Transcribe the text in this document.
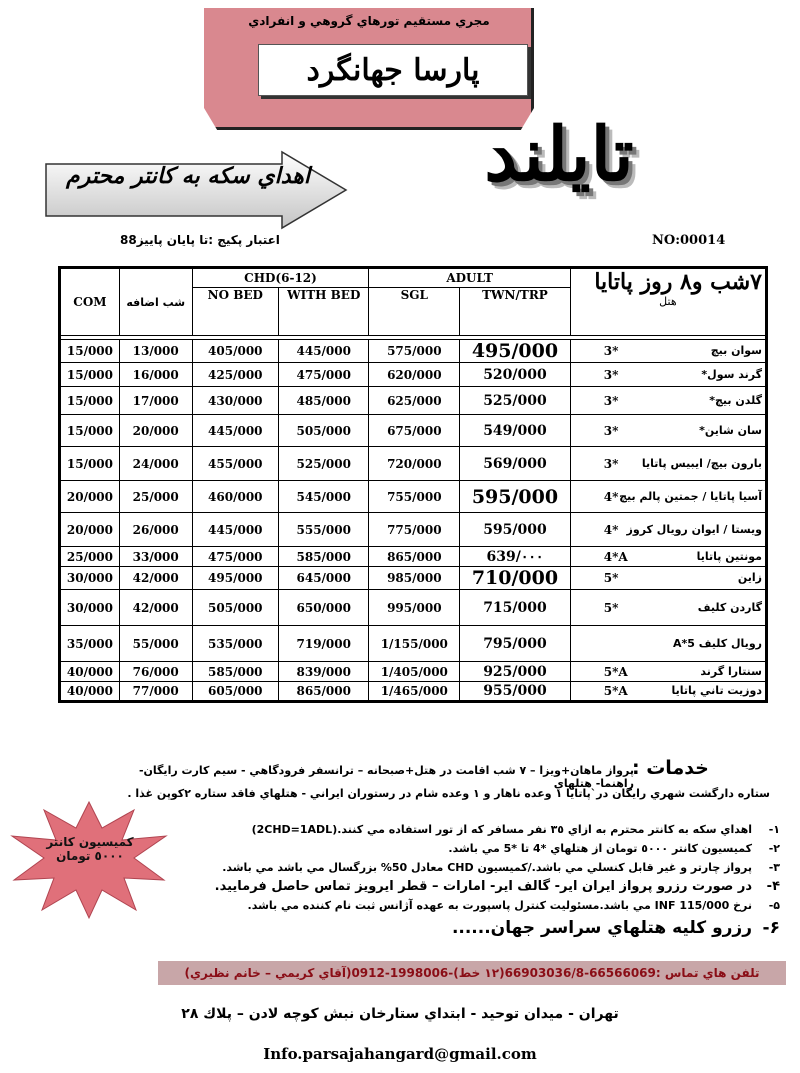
مجري مستقيم تورهاي گروهي و انفرادي
پارسا جهانگرد
تايلند
اهداي سكه به كانتر محترم
اعتبار پكيج :تا پايان پاييز88	NO:00014
COM	شب اضافه	CHD(6-12)		ADULT		٧شب و٨ روز پاتايا
هتل

		NO BED	WITH BED	SGL	TWN/TRP	

15/000	13/000	405/000	445/000	575/000	495/000	سوان بيچ
3*

15/000	16/000	425/000	475/000	620/000	520/000	گرند سول*
3*

15/000	17/000	430/000	485/000	625/000	525/000	گلدن بيچ*
3*

15/000	20/000	445/000	505/000	675/000	549/000	سان شاين*
3*

15/000	24/000	455/000	525/000	720/000	569/000	بارون بيچ/ ايبيس پاتايا
3*

20/000	25/000	460/000	545/000	755/000	595/000	آسيا پاتايا / جمتين پالم بيچ
4*

20/000	26/000	445/000	555/000	775/000	595/000	ويستا / ايوان رويال كروز
4*

25/000	33/000	475/000	585/000	865/000	639/٠٠٠	مونتين پاتايا
4*A

30/000	42/000	495/000	645/000	985/000	710/000	زاين
5*

30/000	42/000	505/000	650/000	995/000	715/000	گاردن كليف
5*

35/000	55/000	535/000	719/000	1/155/000	795/000	رويال كليف 5*A

40/000	76/000	585/000	839/000	1/405/000	925/000	سنتارا گرند
5*A

40/000	77/000	605/000	865/000	1/465/000	955/000	دوزيت تاني پاتايا
5*A
خدمات :
پرواز ماهان+ويزا – ٧ شب اقامت در هتل+صبحانه – ترانسفر فرودگاهي - سيم كارت رايگان- راهنما- هتلهاي
ستاره دارگشت شهري رايگان در`پاتايا ١ وعده ناهار و ١ وعده شام در رستوران ايراني - هتلهاي فاقد ستاره ٢كوپن غذا .
كميسيون كانتر ٥٠٠٠ تومان
١-
اهداي سكه به كانتر محترم به ازاي ٣٥ نفر مسافر كه از تور استفاده مي كنند.(2CHD=1ADL)
٢-
كميسيون كانتر ٥٠٠٠ تومان از هتلهاي *4 تا *5 مي باشد.
٣-
پرواز چارتر و غير قابل كنسلي مي باشد./كميسيون CHD معادل 50% بزرگسال مي باشد مي باشد.
۴-
در صورت رزرو پرواز ايران اير- گالف اير- امارات – قطر ايرويز تماس حاصل فرماييد.
۵-
نرخ INF 115/000 مي باشد.مسئوليت كنترل پاسپورت به عهده آژانس ثبت نام كننده مي باشد.
۶-
رزرو كليه هتلهاي سراسر جهان......
تلفن هاي تماس :66566069-66903036/8(١٢ خط)-1998006-0912(آقاي كريمي – خانم نظيري)
تهران - ميدان توحيد - ابتداي ستارخان نبش كوچه لادن – پلاك ٢٨
Info.parsajahangard@gmail.com
